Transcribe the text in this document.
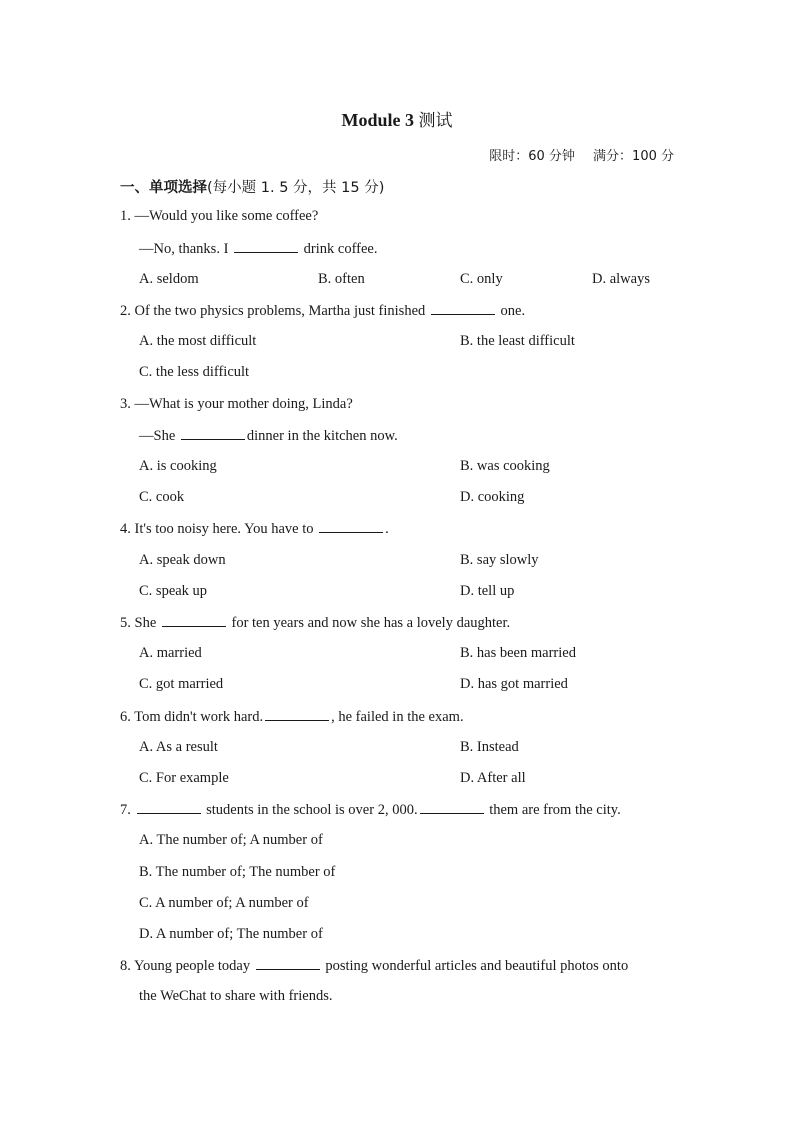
Module 3 测试
限时：60 分钟 满分：100 分
一、单项选择(每小题 1. 5 分，共 15 分)
1. —Would you like some coffee?
—No, thanks. I	drink coffee.
A. seldom	B. often	C. only	D. always
2. Of the two physics problems, Martha just finished	one.
A. the most difficult	B. the least difficult
C. the less difficult
3. —What is your mother doing, Linda?
—She	dinner in the kitchen now.
A. is cooking	B. was cooking
C. cook	D. cooking
4. It's too noisy here. You have to	.
A. speak down	B. say slowly
C. speak up	D. tell up
5. She	for ten years and now she has a lovely daughter.
A. married	B. has been married
C. got married	D. has got married
6. Tom didn't work hard.	, he failed in the exam.
A. As a result	B. Instead
C. For example	D. After all
7.	students in the school is over 2, 000.	them are from the city.
A. The number of; A number of
B. The number of; The number of
C. A number of; A number of
D. A number of; The number of
8. Young people today	posting wonderful articles and beautiful photos onto
the WeChat to share with friends.
